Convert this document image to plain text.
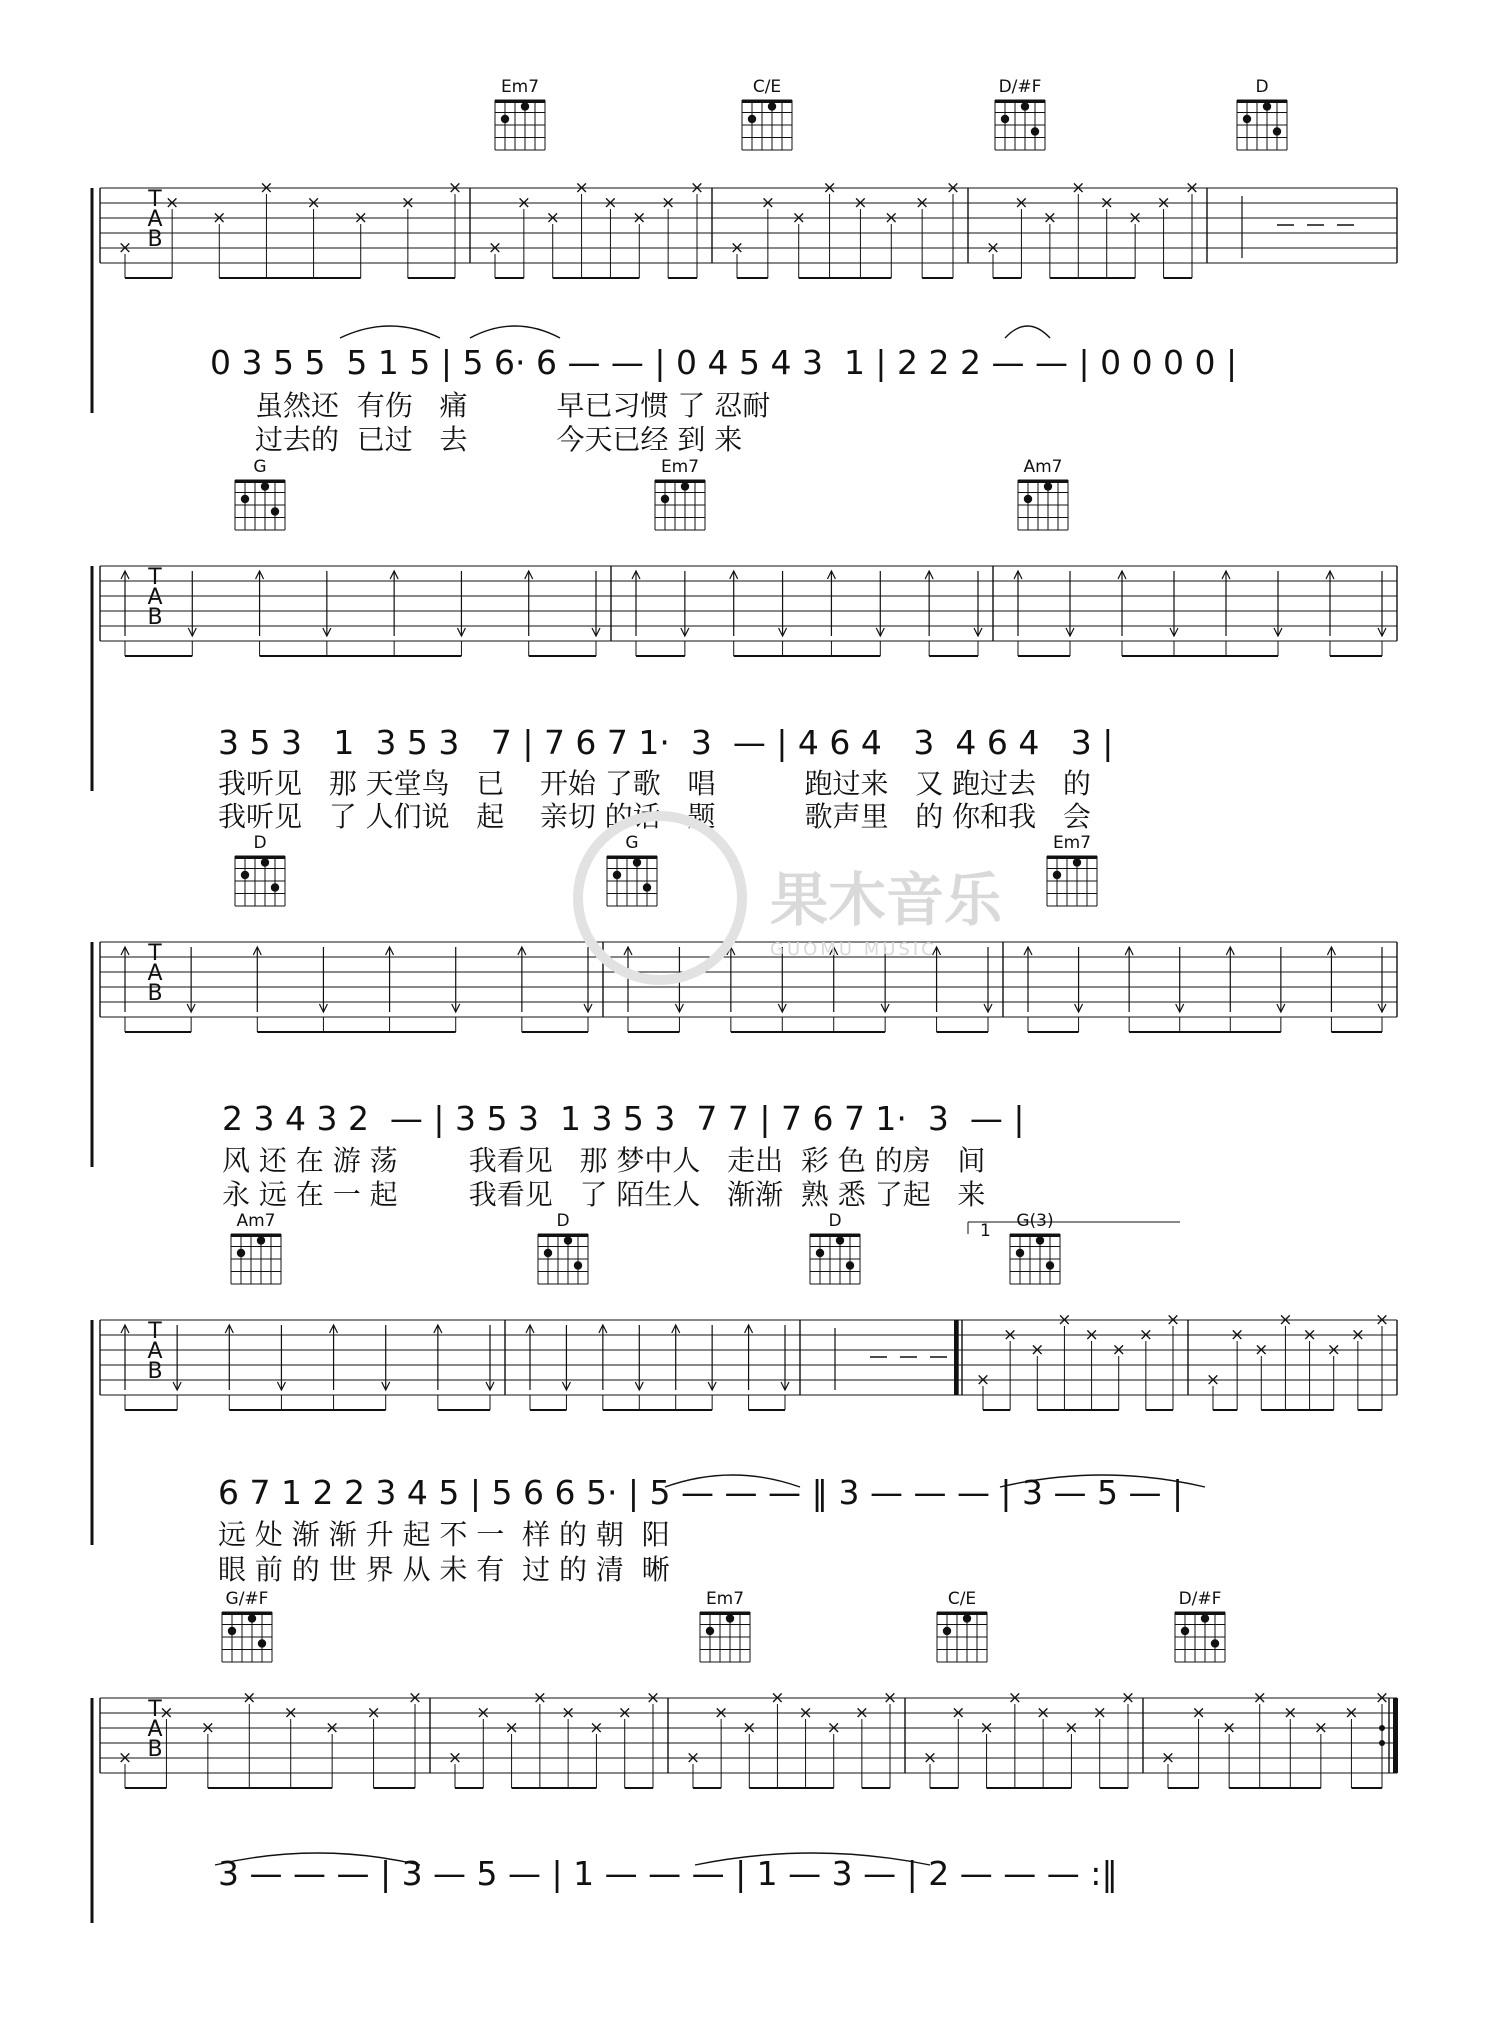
Em7	C/E	D/#F	D
T
A
B
×
×
×
×
×
×
×
×
×
×
×
×
×
×
×
×
×
×
×
×
×
×
×
×
×
×
×
×
×
×
×
×
0 3 5 5  5 1 5 | 5 6· 6 — — | 0 4 5 4 3  1 | 2 2 2 — — | 0 0 0 0 |
虽然还  有伤   痛          早已习惯 了 忍耐
过去的  已过   去          今天已经 到 来
G	Em7	Am7
T
A
B
3 5 3   1  3 5 3   7 | 7 6 7 1·  3  — | 4 6 4   3  4 6 4   3 |
我听见   那 天堂鸟   已    开始 了歌   唱          跑过来   又 跑过去   的
我听见   了 人们说   起    亲切 的话   题          歌声里   的 你和我   会
D	G	Em7
T
A
B
2 3 4 3 2  — | 3 5 3  1 3 5 3  7 7 | 7 6 7 1·  3  — |
风 还 在 游 荡        我看见   那 梦中人   走出  彩 色 的房   间
永 远 在 一 起        我看见   了 陌生人   渐渐  熟 悉 了起   来
Am7	D	D	G(3)
T
A
B	×
×
×
×
×
×
×
×
×
×
×
×
×
×
×
×
6 7 1 2 2 3 4 5 | 5 6 6 5· | 5 — — — ‖ 3 — — — | 3 — 5 — |
远 处 渐 渐 升 起 不 一  样 的 朝  阳
眼 前 的 世 界 从 未 有  过 的 清  晰
G/#F	Em7	C/E	D/#F
T
A
B
×
×
×
×
×
×
×
×
×
×
×
×
×
×
×
×
×
×
×
×
×
×
×
×
×
×
×
×
×
×
×
×
×
×
×
×
×
×
×
×
3 — — — | 3 — 5 — | 1 — — — | 1 — 3 — | 2 — — — :‖
1
果木音乐
GUOMU MUSIC
